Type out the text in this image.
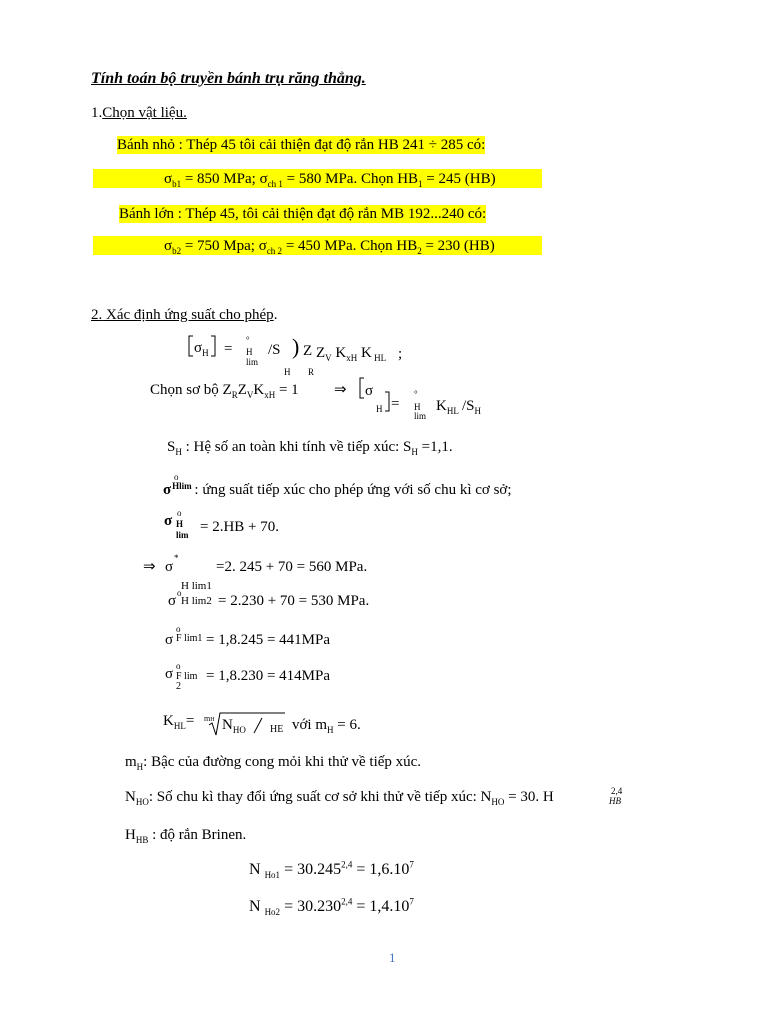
Tính toán bộ truyền bánh trụ răng thẳng.
1.Chọn vật liệu.
Bánh nhỏ : Thép 45 tôi cải thiện đạt độ rắn HB 241 ÷ 285 có:
$\sigma_{b1} = 850$ MPa; $\sigma_{ch 1} = 580$ MPa. Chọn $HB_1 = 245$ (HB)
Bánh lớn : Thép 45, tôi cải thiện đạt độ rắn MB 192...240 có:
$\sigma_{b2} = 750$ Mpa; $\sigma_{ch 2} = 450$ MPa. Chọn $HB_2 = 230$ (HB)
2. Xác định ứng suất cho phép.
$\sigma_H$ =
°
H
lim
/S ) Z $Z_V$ $K_{xH}$ K $_{HL}$ ;
H R
Chọn sơ bộ $Z_RZ_VK_{xH} = 1$ ⇒ σ
H =
°
H
lim
$K_{HL}$ $/S_H$
$S_H$ : Hệ số an toàn khi tính về tiếp xúc: $S_H =1,1$.
o
$\sigma^{Hlim}$ : ứng suất tiếp xúc cho phép ứng với số chu kì cơ sở;
σ o
H
lim = 2.HB + 70.
⇒ σ
*
=2. 245 + 70 = 560 MPa.
H lim1
σ o
H lim2 = 2.230 + 70 = 530 MPa.
σ
o
F lim1 = 1,8.245 = 441MPa
σ o
F lim
2
= 1,8.230 = 414MPa
$K_{HL}=$ mH $N_{HO}$ HE với $m_H = 6$.
$m_H$: Bậc của đường cong mỏi khi thử về tiếp xúc.
$N_{HO}$: Số chu kì thay đổi ứng suất cơ sở khi thử về tiếp xúc: $N_{HO} = 30$. H	2,4
HB
$H_{HB}$ : độ rắn Brinen.
N $_{Ho1} = 30.245^{2,4} = 1,6.10^7$
N $_{Ho2} = 30.230^{2,4} = 1,4.10^7$
1
